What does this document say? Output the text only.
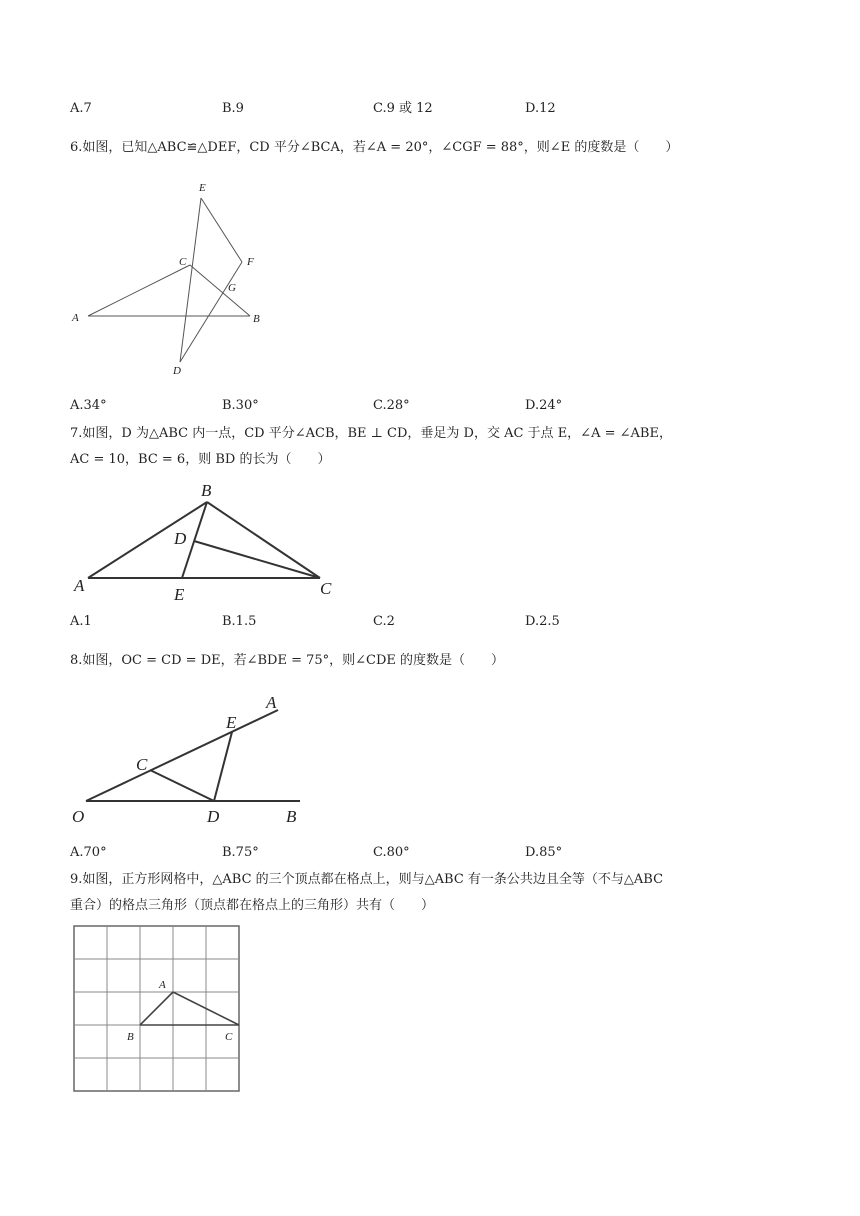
A.7	B.9	C.9 或 12	D.12
6.如图，已知△ABC≌△DEF，CD 平分∠BCA，若∠A = 20°，∠CGF = 88°，则∠E 的度数是（　　）
E
F
C
G
A	B
D
A.34°	B.30°	C.28°	D.24°
7.如图，D 为△ABC 内一点，CD 平分∠ACB，BE ⊥ CD，垂足为 D，交 AC 于点 E，∠A = ∠ABE，
AC = 10，BC = 6，则 BD 的长为（　　）
B
D
A	E	C
A.1	B.1.5	C.2	D.2.5
8.如图，OC = CD = DE，若∠BDE = 75°，则∠CDE 的度数是（　　）
A
E
C
O	D	B
A.70°	B.75°	C.80°	D.85°
9.如图，正方形网格中，△ABC 的三个顶点都在格点上，则与△ABC 有一条公共边且全等（不与△ABC
重合）的格点三角形（顶点都在格点上的三角形）共有（　　）
A
B	C
